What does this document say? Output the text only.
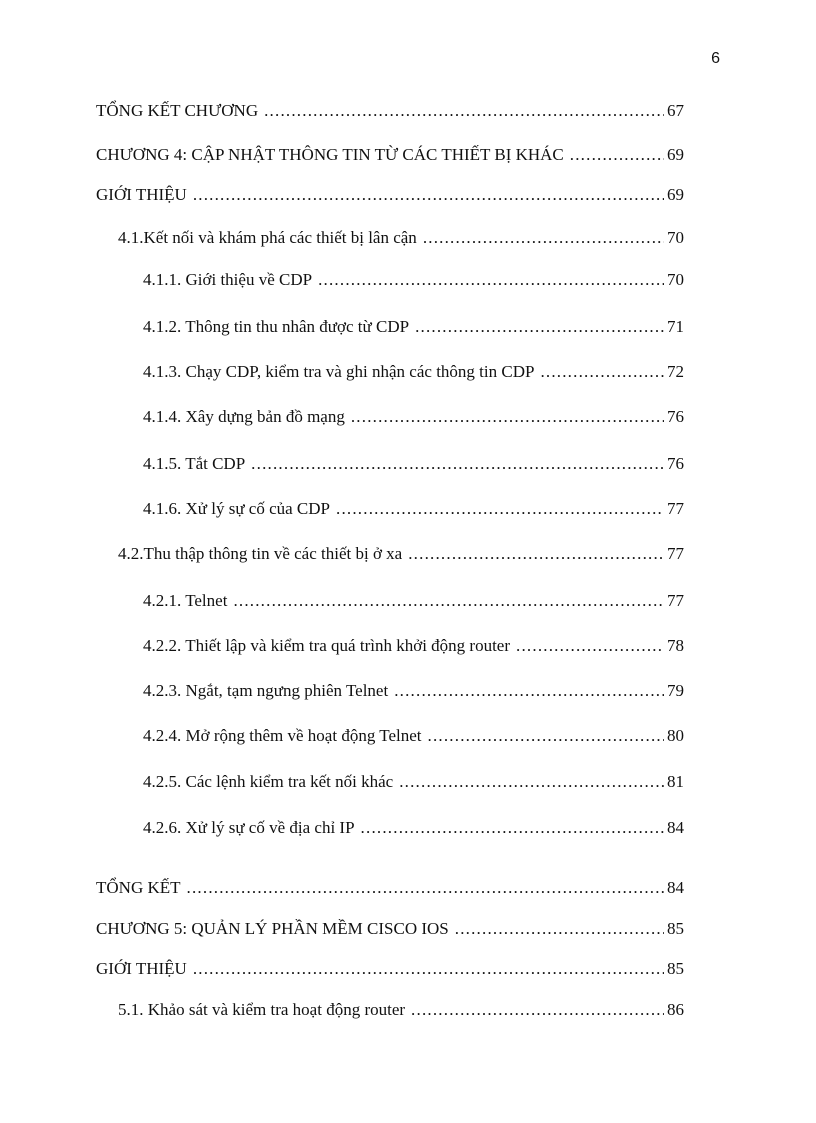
6
TỔNG KẾT CHƯƠNG .....	67
CHƯƠNG 4: CẬP NHẬT THÔNG TIN TỪ CÁC THIẾT BỊ KHÁC .....	69
GIỚI THIỆU .....	69
4.1.Kết nối và khám phá các thiết bị lân cận .....	70
4.1.1. Giới thiệu về CDP .....	70
4.1.2. Thông tin thu nhân được từ CDP .....	71
4.1.3. Chạy CDP, kiểm tra và ghi nhận các thông tin CDP .....	72
4.1.4. Xây dựng bản đồ mạng .....	76
4.1.5. Tắt CDP .....	76
4.1.6. Xử lý sự cố của CDP .....	77
4.2.Thu thập thông tin về các thiết bị ở xa .....	77
4.2.1. Telnet .....	77
4.2.2. Thiết lập và kiểm tra quá trình khởi động router .....	78
4.2.3. Ngắt, tạm ngưng phiên Telnet .....	79
4.2.4. Mở rộng thêm về hoạt động Telnet .....	80
4.2.5. Các lệnh kiểm tra kết nối khác .....	81
4.2.6. Xử lý sự cố về địa chỉ IP .....	84
TỔNG KẾT .....	84
CHƯƠNG 5: QUẢN LÝ PHẦN MỀM CISCO IOS .....	85
GIỚI THIỆU .....	85
5.1. Khảo sát và kiểm tra hoạt động router .....	86
